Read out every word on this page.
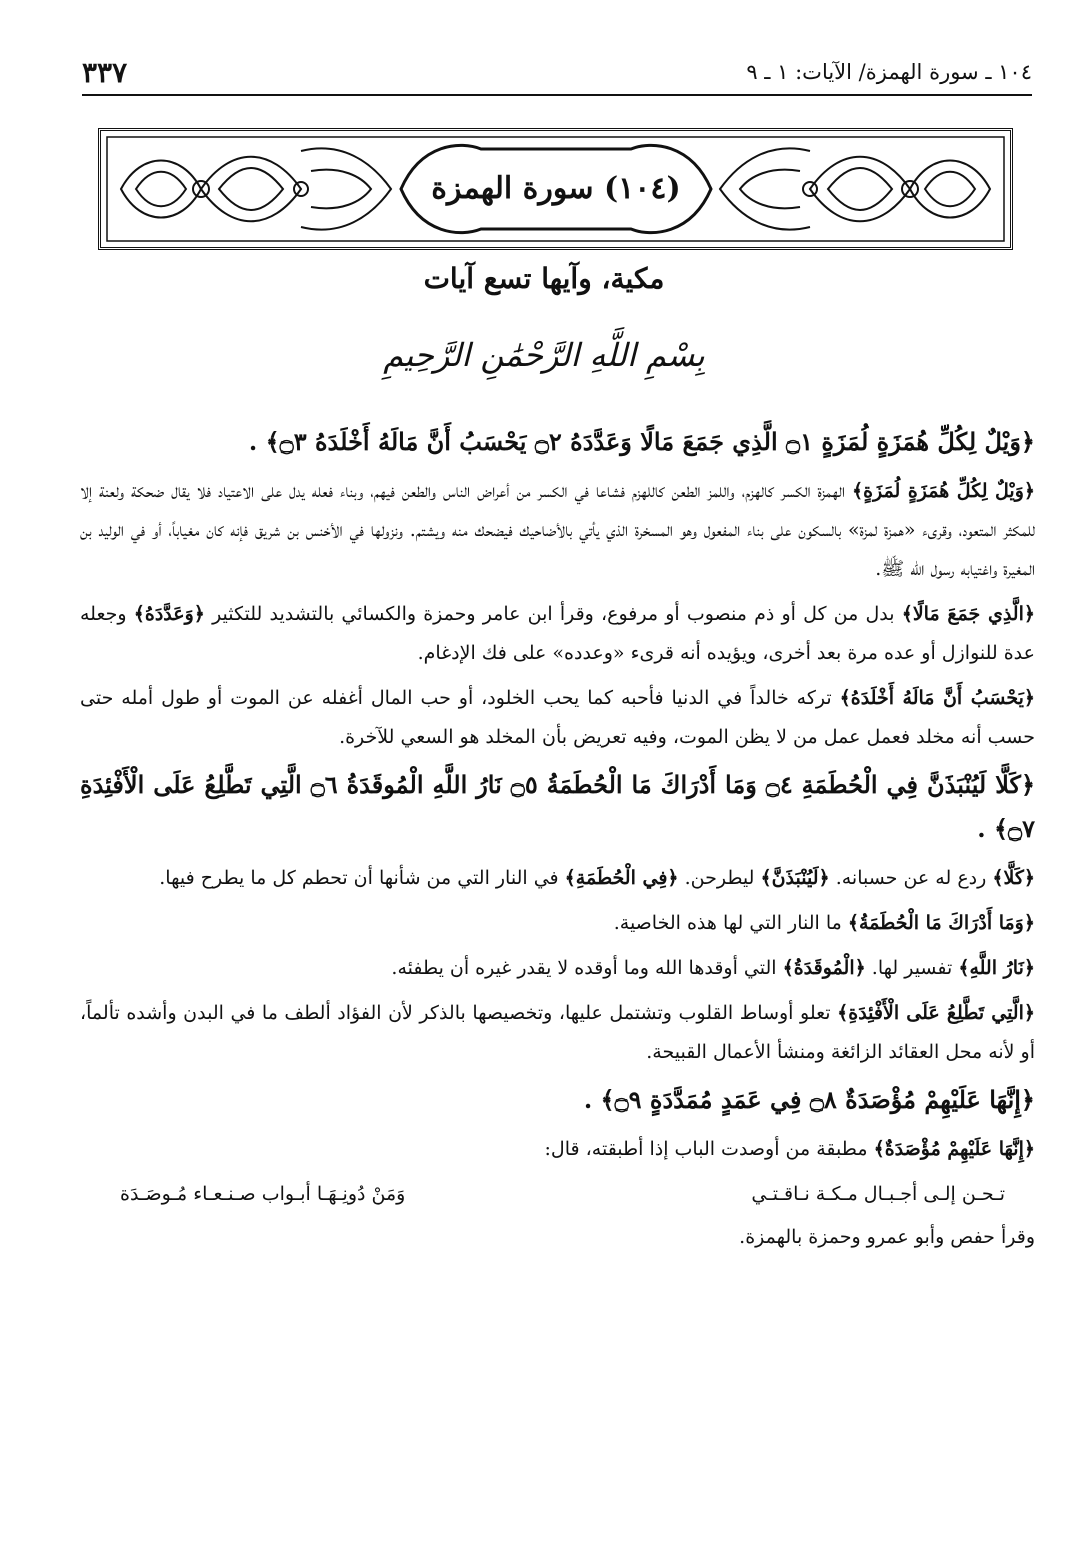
٣٣٧	١٠٤ ـ سورة الهمزة/ الآيات: ١ ـ ٩
(١٠٤) سورة الهمزة
مكية، وآيها تسع آيات
بِسْمِ اللَّهِ الرَّحْمَٰنِ الرَّحِيمِ

﴿وَيْلٌ لِكُلِّ هُمَزَةٍ لُمَزَةٍ ۝١ الَّذِي جَمَعَ مَالًا وَعَدَّدَهُ ۝٢ يَحْسَبُ أَنَّ مَالَهُ أَخْلَدَهُ ۝٣﴾ .

﴿وَيْلٌ لِكُلِّ هُمَزَةٍ لُمَزَةٍ﴾ الهمزة الكسر كالهزم، واللمز الطعن كاللهزم فشاعا في الكسر من أعراض الناس والطعن فيهم، وبناء فعله يدل على الاعتياد فلا يقال ضحكة ولعنة إلا للمكثر المتعود، وقرىء «همزة لمزة» بالسكون على بناء المفعول وهو المسخرة الذي يأتي بالأضاحيك فيضحك منه ويشتم. ونزولها في الأخنس بن شريق فإنه كان مغياباً، أو في الوليد بن المغيرة واغتيابه رسول الله ﷺ.

﴿الَّذِي جَمَعَ مَالًا﴾ بدل من كل أو ذم منصوب أو مرفوع، وقرأ ابن عامر وحمزة والكسائي بالتشديد للتكثير ﴿وَعَدَّدَهُ﴾ وجعله عدة للنوازل أو عده مرة بعد أخرى، ويؤيده أنه قرىء «وعدده» على فك الإدغام.

﴿يَحْسَبُ أَنَّ مَالَهُ أَخْلَدَهُ﴾ تركه خالداً في الدنيا فأحبه كما يحب الخلود، أو حب المال أغفله عن الموت أو طول أمله حتى حسب أنه مخلد فعمل عمل من لا يظن الموت، وفيه تعريض بأن المخلد هو السعي للآخرة.

﴿كَلَّا لَيُنْبَذَنَّ فِي الْحُطَمَةِ ۝٤ وَمَا أَدْرَاكَ مَا الْحُطَمَةُ ۝٥ نَارُ اللَّهِ الْمُوقَدَةُ ۝٦ الَّتِي تَطَّلِعُ عَلَى الْأَفْئِدَةِ ۝٧﴾ .

﴿كَلَّا﴾ ردع له عن حسبانه. ﴿لَيُنْبَذَنَّ﴾ ليطرحن. ﴿فِي الْحُطَمَةِ﴾ في النار التي من شأنها أن تحطم كل ما يطرح فيها.

﴿وَمَا أَدْرَاكَ مَا الْحُطَمَةُ﴾ ما النار التي لها هذه الخاصية.

﴿نَارُ اللَّهِ﴾ تفسير لها. ﴿الْمُوقَدَةُ﴾ التي أوقدها الله وما أوقده لا يقدر غيره أن يطفئه.

﴿الَّتِي تَطَّلِعُ عَلَى الْأَفْئِدَةِ﴾ تعلو أوساط القلوب وتشتمل عليها، وتخصيصها بالذكر لأن الفؤاد ألطف ما في البدن وأشده تألماً، أو لأنه محل العقائد الزائغة ومنشأ الأعمال القبيحة.

﴿إِنَّهَا عَلَيْهِمْ مُؤْصَدَةٌ ۝٨ فِي عَمَدٍ مُمَدَّدَةٍ ۝٩﴾ .

﴿إِنَّهَا عَلَيْهِمْ مُؤْصَدَةٌ﴾ مطبقة من أوصدت الباب إذا أطبقته، قال:

تـحـن إلـى أجـبـال مـكـة نـاقـتـي
وَمَنْ دُونِـهَـا أبـواب صـنـعـاء مُـوصَـدَة

وقرأ حفص وأبو عمرو وحمزة بالهمزة.
